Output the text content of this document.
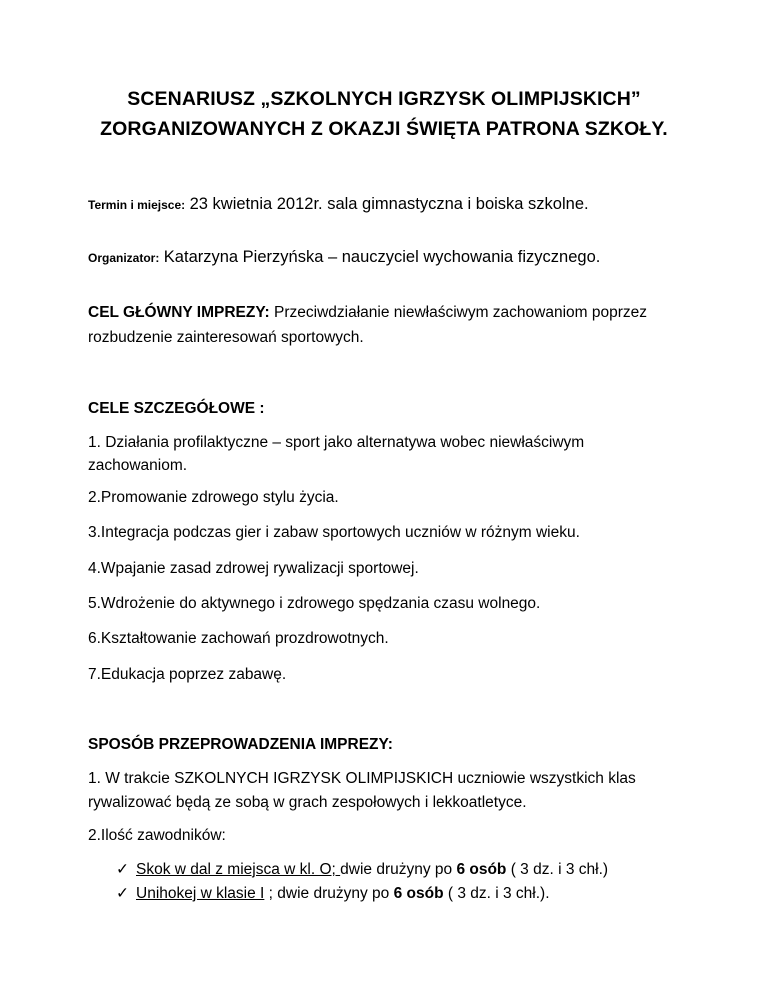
SCENARIUSZ „SZKOLNYCH IGRZYSK OLIMPIJSKICH”
ZORGANIZOWANYCH Z OKAZJI ŚWIĘTA PATRONA SZKOŁY.
Termin i miejsce: 23 kwietnia 2012r. sala gimnastyczna i boiska szkolne.
Organizator: Katarzyna Pierzyńska – nauczyciel wychowania fizycznego.
CEL GŁÓWNY IMPREZY: Przeciwdziałanie niewłaściwym zachowaniom poprzez
rozbudzenie zainteresowań sportowych.
CELE SZCZEGÓŁOWE :
1. Działania profilaktyczne – sport jako alternatywa wobec niewłaściwym
zachowaniom.
2.Promowanie zdrowego stylu życia.
3.Integracja podczas gier i zabaw sportowych uczniów w różnym wieku.
4.Wpajanie zasad zdrowej rywalizacji sportowej.
5.Wdrożenie do aktywnego i zdrowego spędzania czasu wolnego.
6.Kształtowanie zachowań prozdrowotnych.
7.Edukacja poprzez zabawę.
SPOSÓB PRZEPROWADZENIA IMPREZY:
1. W trakcie SZKOLNYCH IGRZYSK OLIMPIJSKICH uczniowie wszystkich klas
rywalizować będą ze sobą w grach zespołowych i lekkoatletyce.
2.Ilość zawodników:
✓ Skok w dal z miejsca w kl. O; dwie drużyny po 6 osób ( 3 dz. i 3 chł.)
✓ Unihokej w klasie I ; dwie drużyny po 6 osób ( 3 dz. i 3 chł.).
